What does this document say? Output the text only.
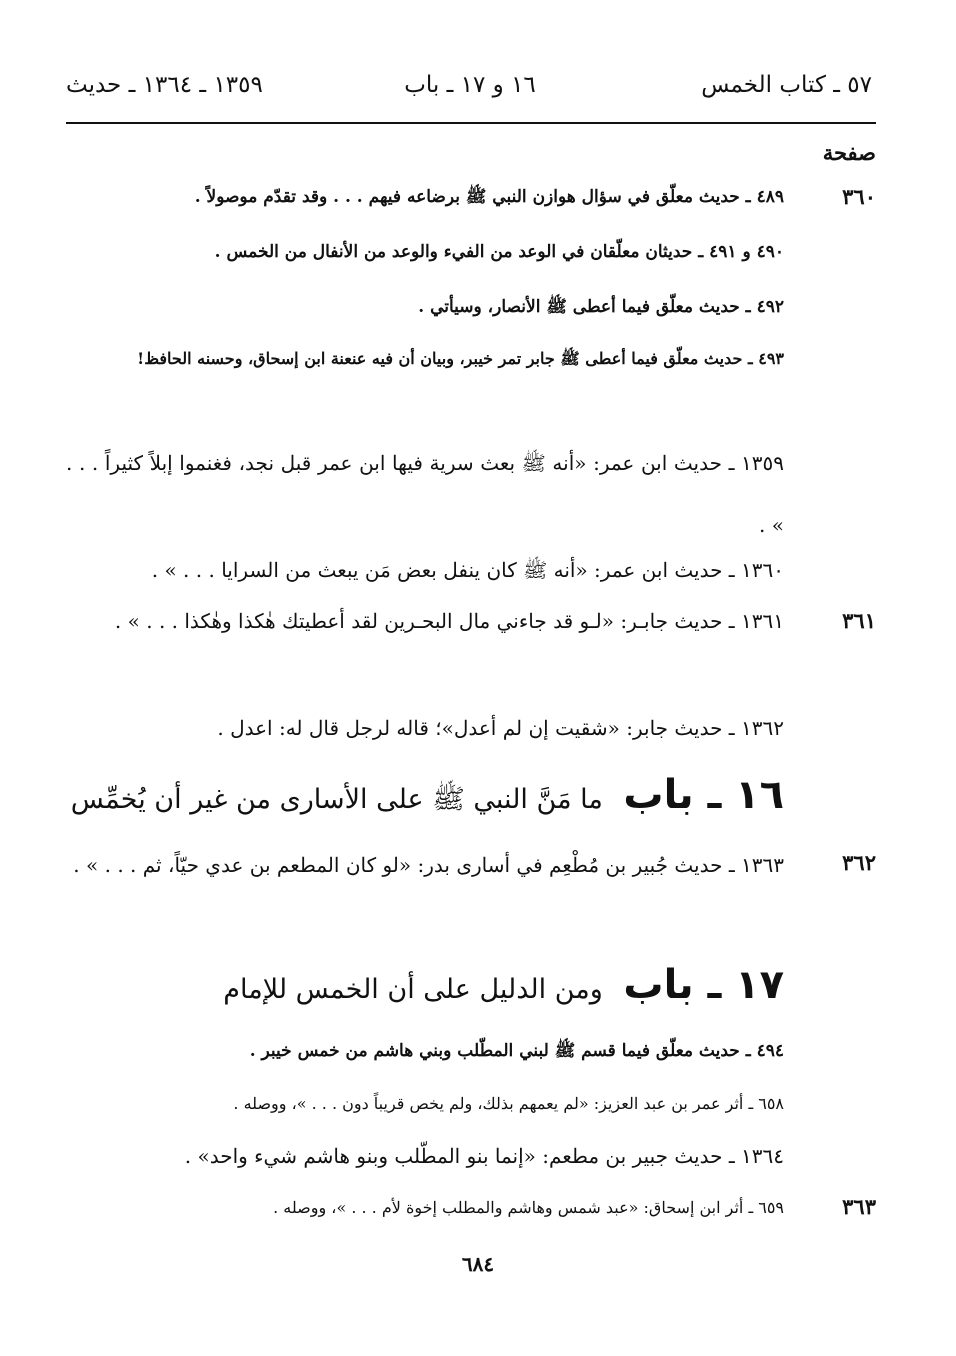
٥٧ ـ كتاب الخمس
١٦ و ١٧ ـ باب
١٣٥٩ ـ ١٣٦٤ ـ حديث
صفحة
٣٦٠
٣٦١
٣٦٢
٣٦٣
٤٨٩ ـ حديث معلّق في سؤال هوازن النبي ﷺ برضاعه فيهم . . . وقد تقدّم موصولاً .
٤٩٠ و ٤٩١ ـ حديثان معلّقان في الوعد من الفيء والوعد من الأنفال من الخمس .
٤٩٢ ـ حديث معلّق فيما أعطى ﷺ الأنصار، وسيأتي .
٤٩٣ ـ حديث معلّق فيما أعطى ﷺ جابر تمر خيبر، وبيان أن فيه عنعنة ابن إسحاق، وحسنه الحافظ!
١٣٥٩ ـ حديث ابن عمر: «أنه ﷺ بعث سرية فيها ابن عمر قبل نجد، فغنموا إبلاً كثيراً . . . » .
١٣٦٠ ـ حديث ابن عمر: «أنه ﷺ كان ينفل بعض مَن يبعث من السرايا . . . » .
١٣٦١ ـ حديث جابـر: «لـو قد جاءني مال البحـرين لقد أعطيتك هٰكذا وهٰكذا . . . » .
١٣٦٢ ـ حديث جابر: «شقيت إن لم أعدل»؛ قاله لرجل قال له: اعدل .
١٦ ـ باب ما مَنَّ النبي ﷺ على الأسارى من غير أن يُخمِّس
١٣٦٣ ـ حديث جُبير بن مُطْعِم في أسارى بدر: «لو كان المطعم بن عدي حيّاً، ثم . . . » .
١٧ ـ باب ومن الدليل على أن الخمس للإمام
٤٩٤ ـ حديث معلّق فيما قسم ﷺ لبني المطّلب وبني هاشم من خمس خيبر .
٦٥٨ ـ أثر عمر بن عبد العزيز: «لم يعمهم بذلك، ولم يخص قريباً دون . . . »، ووصله .
١٣٦٤ ـ حديث جبير بن مطعم: «إنما بنو المطّلب وبنو هاشم شيء واحد» .
٦٥٩ ـ أثر ابن إسحاق: «عبد شمس وهاشم والمطلب إخوة لأم . . . »، ووصله .
٦٨٤
